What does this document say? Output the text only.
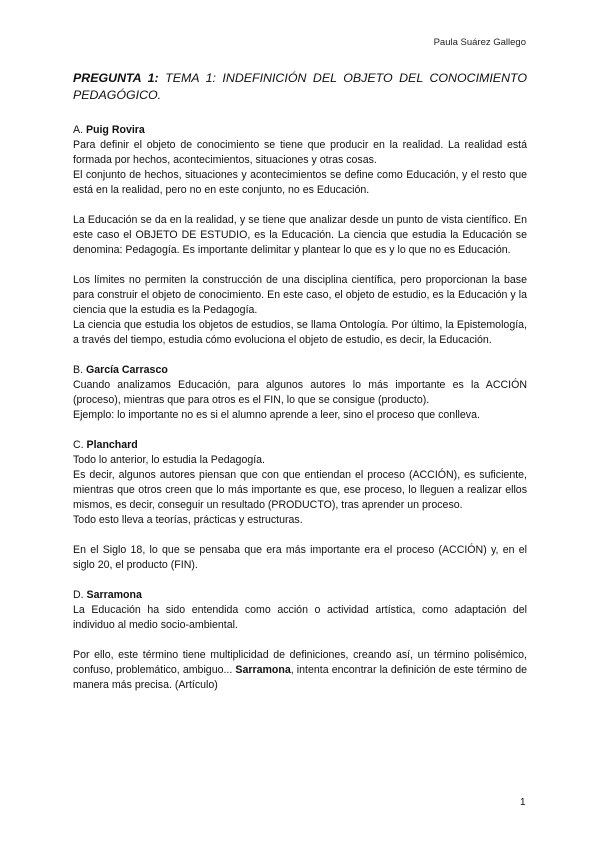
Paula Suárez Gallego
PREGUNTA 1: TEMA 1: INDEFINICIÓN DEL OBJETO DEL CONOCIMIENTO PEDAGÓGICO.
A. Puig Rovira

Para definir el objeto de conocimiento se tiene que producir en la realidad. La realidad está formada por hechos, acontecimientos, situaciones y otras cosas.

El conjunto de hechos, situaciones y acontecimientos se define como Educación, y el resto que está en la realidad, pero no en este conjunto, no es Educación.

La Educación se da en la realidad, y se tiene que analizar desde un punto de vista científico. En este caso el OBJETO DE ESTUDIO, es la Educación. La ciencia que estudia la Educación se denomina: Pedagogía. Es importante delimitar y plantear lo que es y lo que no es Educación.

Los límites no permiten la construcción de una disciplina científica, pero proporcionan la base para construir el objeto de conocimiento. En este caso, el objeto de estudio, es la Educación y la ciencia que la estudia es la Pedagogía.

La ciencia que estudia los objetos de estudios, se llama Ontología. Por último, la Epistemología, a través del tiempo, estudia cómo evoluciona el objeto de estudio, es decir, la Educación.

B. García Carrasco

Cuando analizamos Educación, para algunos autores lo más importante es la ACCIÓN (proceso), mientras que para otros es el FIN, lo que se consigue (producto).

Ejemplo: lo importante no es si el alumno aprende a leer, sino el proceso que conlleva.

C. Planchard

Todo lo anterior, lo estudia la Pedagogía.

Es decir, algunos autores piensan que con que entiendan el proceso (ACCIÓN), es suficiente, mientras que otros creen que lo más importante es que, ese proceso, lo lleguen a realizar ellos mismos, es decir, conseguir un resultado (PRODUCTO), tras aprender un proceso.

Todo esto lleva a teorías, prácticas y estructuras.

En el Siglo 18, lo que se pensaba que era más importante era el proceso (ACCIÓN) y, en el siglo 20, el producto (FIN).

D. Sarramona

La Educación ha sido entendida como acción o actividad artística, como adaptación del individuo al medio socio-ambiental.

Por ello, este término tiene multiplicidad de definiciones, creando así, un término polisémico, confuso, problemático, ambiguo... Sarramona, intenta encontrar la definición de este término de manera más precisa. (Artículo)

1
